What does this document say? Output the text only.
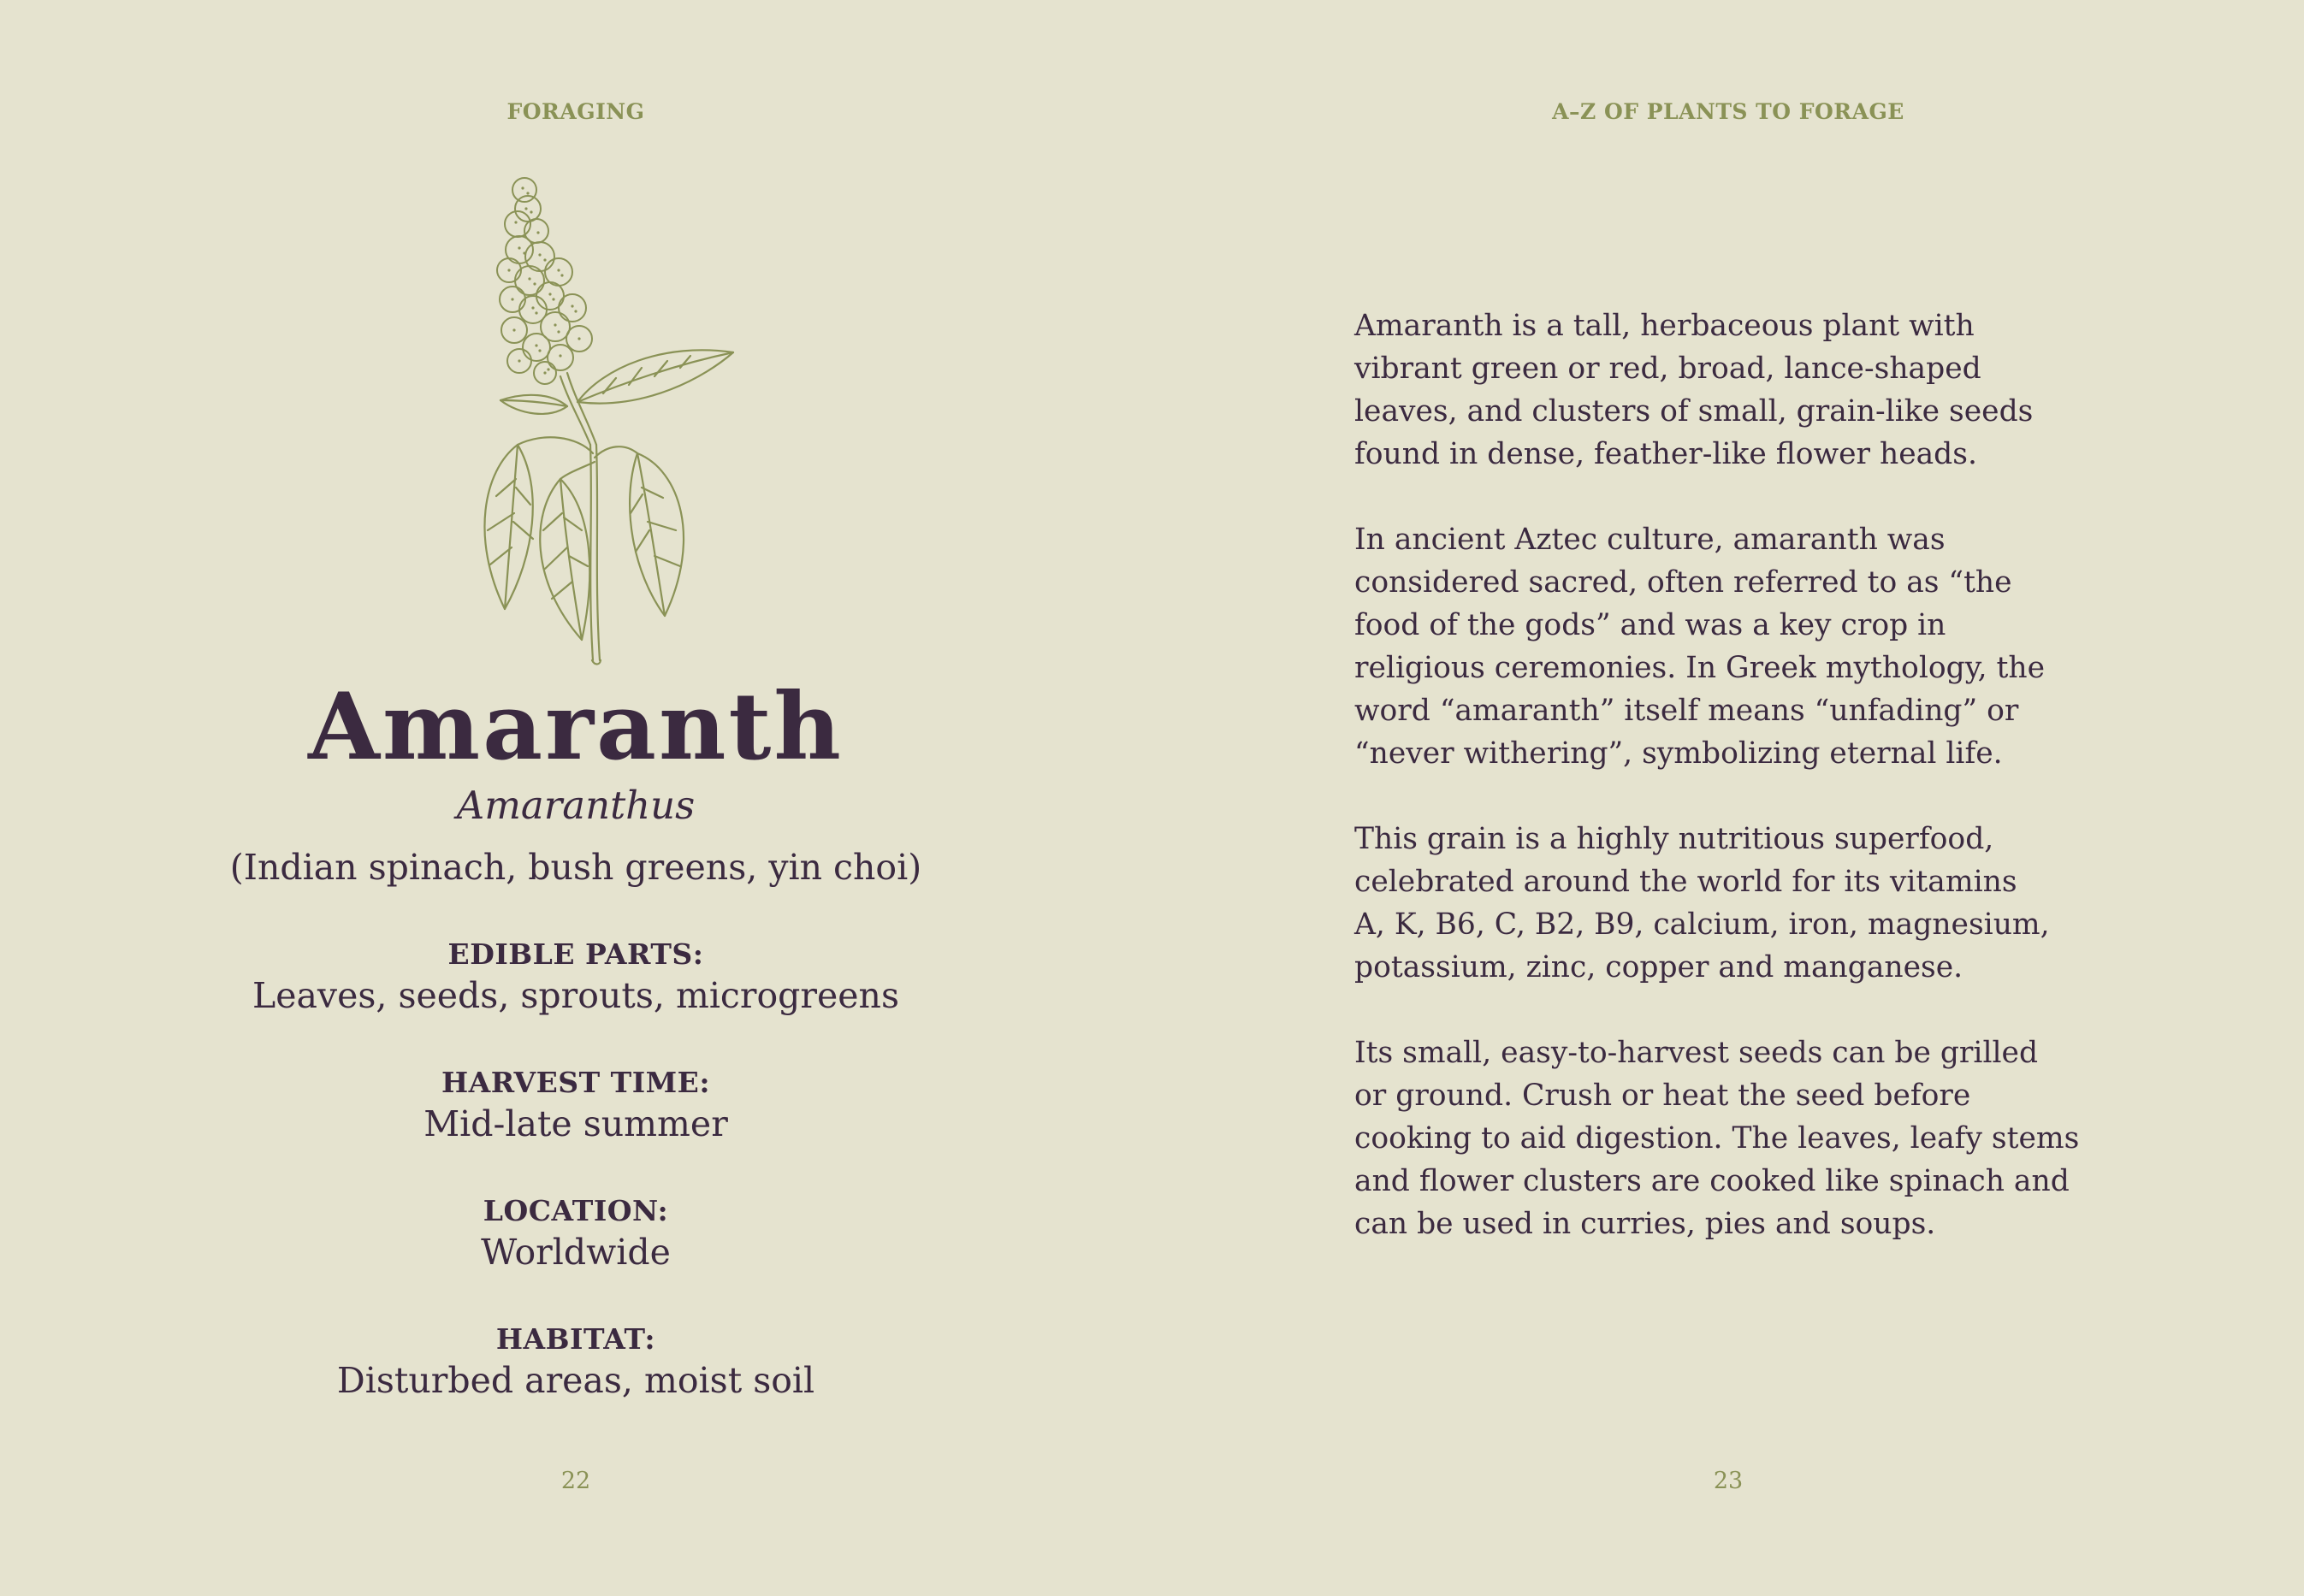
FORAGING
Amaranth
Amaranthus
(Indian spinach, bush greens, yin choi)
EDIBLE PARTS:
Leaves, seeds, sprouts, microgreens
HARVEST TIME:
Mid-late summer
LOCATION:
Worldwide
HABITAT:
Disturbed areas, moist soil
22
A–Z OF PLANTS TO FORAGE

Amaranth is a tall, herbaceous plant with
vibrant green or red, broad, lance-shaped
leaves, and clusters of small, grain-like seeds
found in dense, feather-like flower heads.

In ancient Aztec culture, amaranth was
considered sacred, often referred to as “the
food of the gods” and was a key crop in
religious ceremonies. In Greek mythology, the
word “amaranth” itself means “unfading” or
“never withering”, symbolizing eternal life.

This grain is a highly nutritious superfood,
celebrated around the world for its vitamins
A, K, B6, C, B2, B9, calcium, iron, magnesium,
potassium, zinc, copper and manganese.

Its small, easy-to-harvest seeds can be grilled
or ground. Crush or heat the seed before
cooking to aid digestion. The leaves, leafy stems
and flower clusters are cooked like spinach and
can be used in curries, pies and soups.

23
